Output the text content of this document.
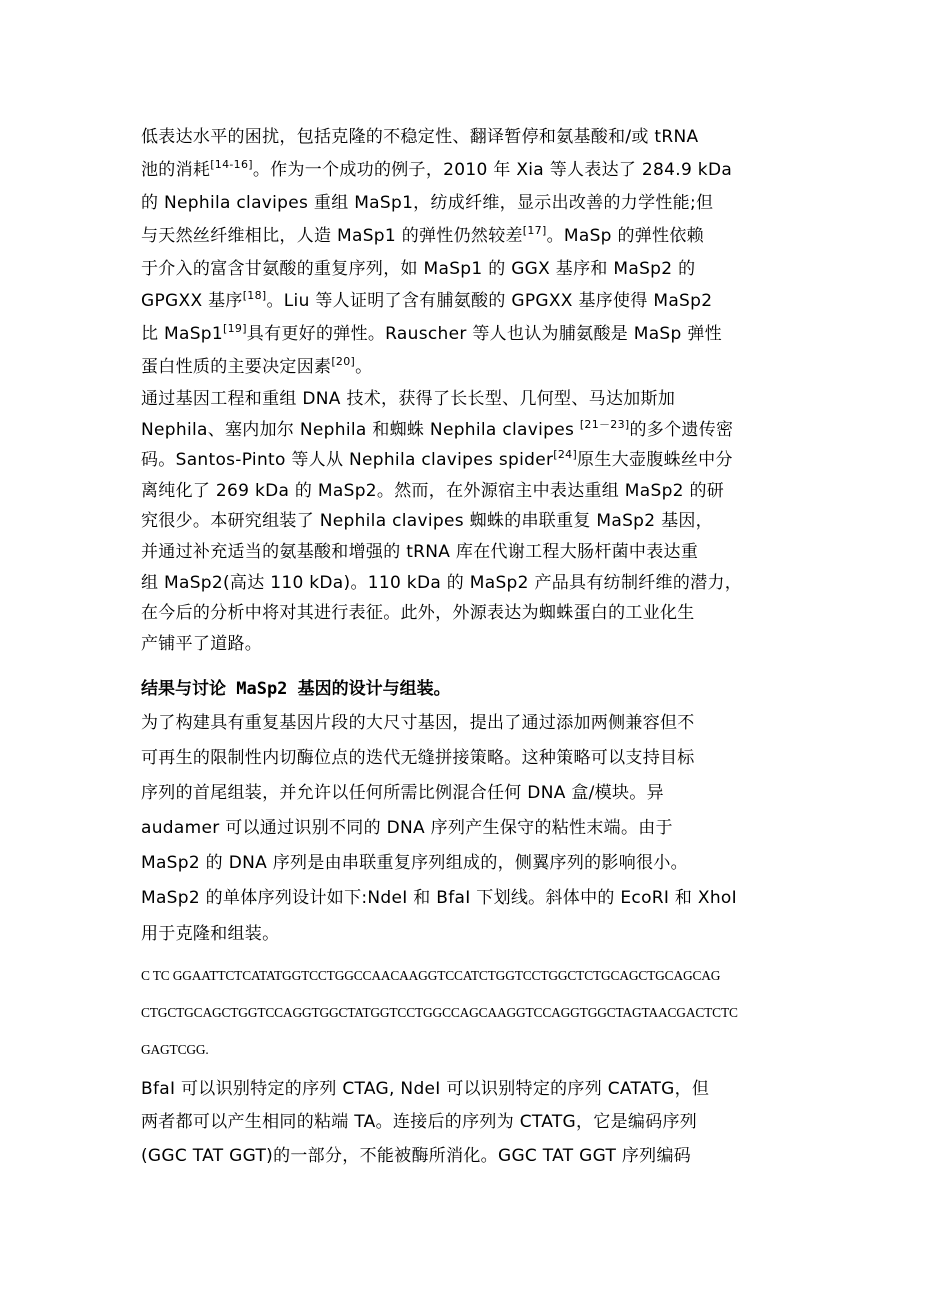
低表达水平的困扰，包括克隆的不稳定性、翻译暂停和氨基酸和/或 tRNA
池的消耗[14-16]。作为一个成功的例子，2010 年 Xia 等人表达了 284.9 kDa
的 Nephila clavipes 重组 MaSp1，纺成纤维，显示出改善的力学性能;但
与天然丝纤维相比，人造 MaSp1 的弹性仍然较差[17]。MaSp 的弹性依赖
于介入的富含甘氨酸的重复序列，如 MaSp1 的 GGX 基序和 MaSp2 的
GPGXX 基序[18]。Liu 等人证明了含有脯氨酸的 GPGXX 基序使得 MaSp2
比 MaSp1[19]具有更好的弹性。Rauscher 等人也认为脯氨酸是 MaSp 弹性
蛋白性质的主要决定因素[20]。
通过基因工程和重组 DNA 技术，获得了长长型、几何型、马达加斯加
Nephila、塞内加尔 Nephila 和蜘蛛 Nephila clavipes [21－23]的多个遗传密
码。Santos-Pinto 等人从 Nephila clavipes spider[24]原生大壶腹蛛丝中分
离纯化了 269 kDa 的 MaSp2。然而，在外源宿主中表达重组 MaSp2 的研
究很少。本研究组装了 Nephila clavipes 蜘蛛的串联重复 MaSp2 基因，
并通过补充适当的氨基酸和增强的 tRNA 库在代谢工程大肠杆菌中表达重
组 MaSp2(高达 110 kDa)。110 kDa 的 MaSp2 产品具有纺制纤维的潜力，
在今后的分析中将对其进行表征。此外，外源表达为蜘蛛蛋白的工业化生
产铺平了道路。
结果与讨论 MaSp2 基因的设计与组装。
为了构建具有重复基因片段的大尺寸基因，提出了通过添加两侧兼容但不
可再生的限制性内切酶位点的迭代无缝拼接策略。这种策略可以支持目标
序列的首尾组装，并允许以任何所需比例混合任何 DNA 盒/模块。异
audamer 可以通过识别不同的 DNA 序列产生保守的粘性末端。由于
MaSp2 的 DNA 序列是由串联重复序列组成的，侧翼序列的影响很小。
MaSp2 的单体序列设计如下:NdeI 和 BfaI 下划线。斜体中的 EcoRI 和 XhoI
用于克隆和组装。
C TC GGAATTCTCATATGGTCCTGGCCAACAAGGTCCATCTGGTCCTGGCTCTGCAGCTGCAGCAG
CTGCTGCAGCTGGTCCAGGTGGCTATGGTCCTGGCCAGCAAGGTCCAGGTGGCTAGTAACGACTCTC
GAGTCGG.
BfaI 可以识别特定的序列 CTAG, NdeI 可以识别特定的序列 CATATG，但
两者都可以产生相同的粘端 TA。连接后的序列为 CTATG，它是编码序列
(GGC TAT GGT)的一部分，不能被酶所消化。GGC TAT GGT 序列编码
